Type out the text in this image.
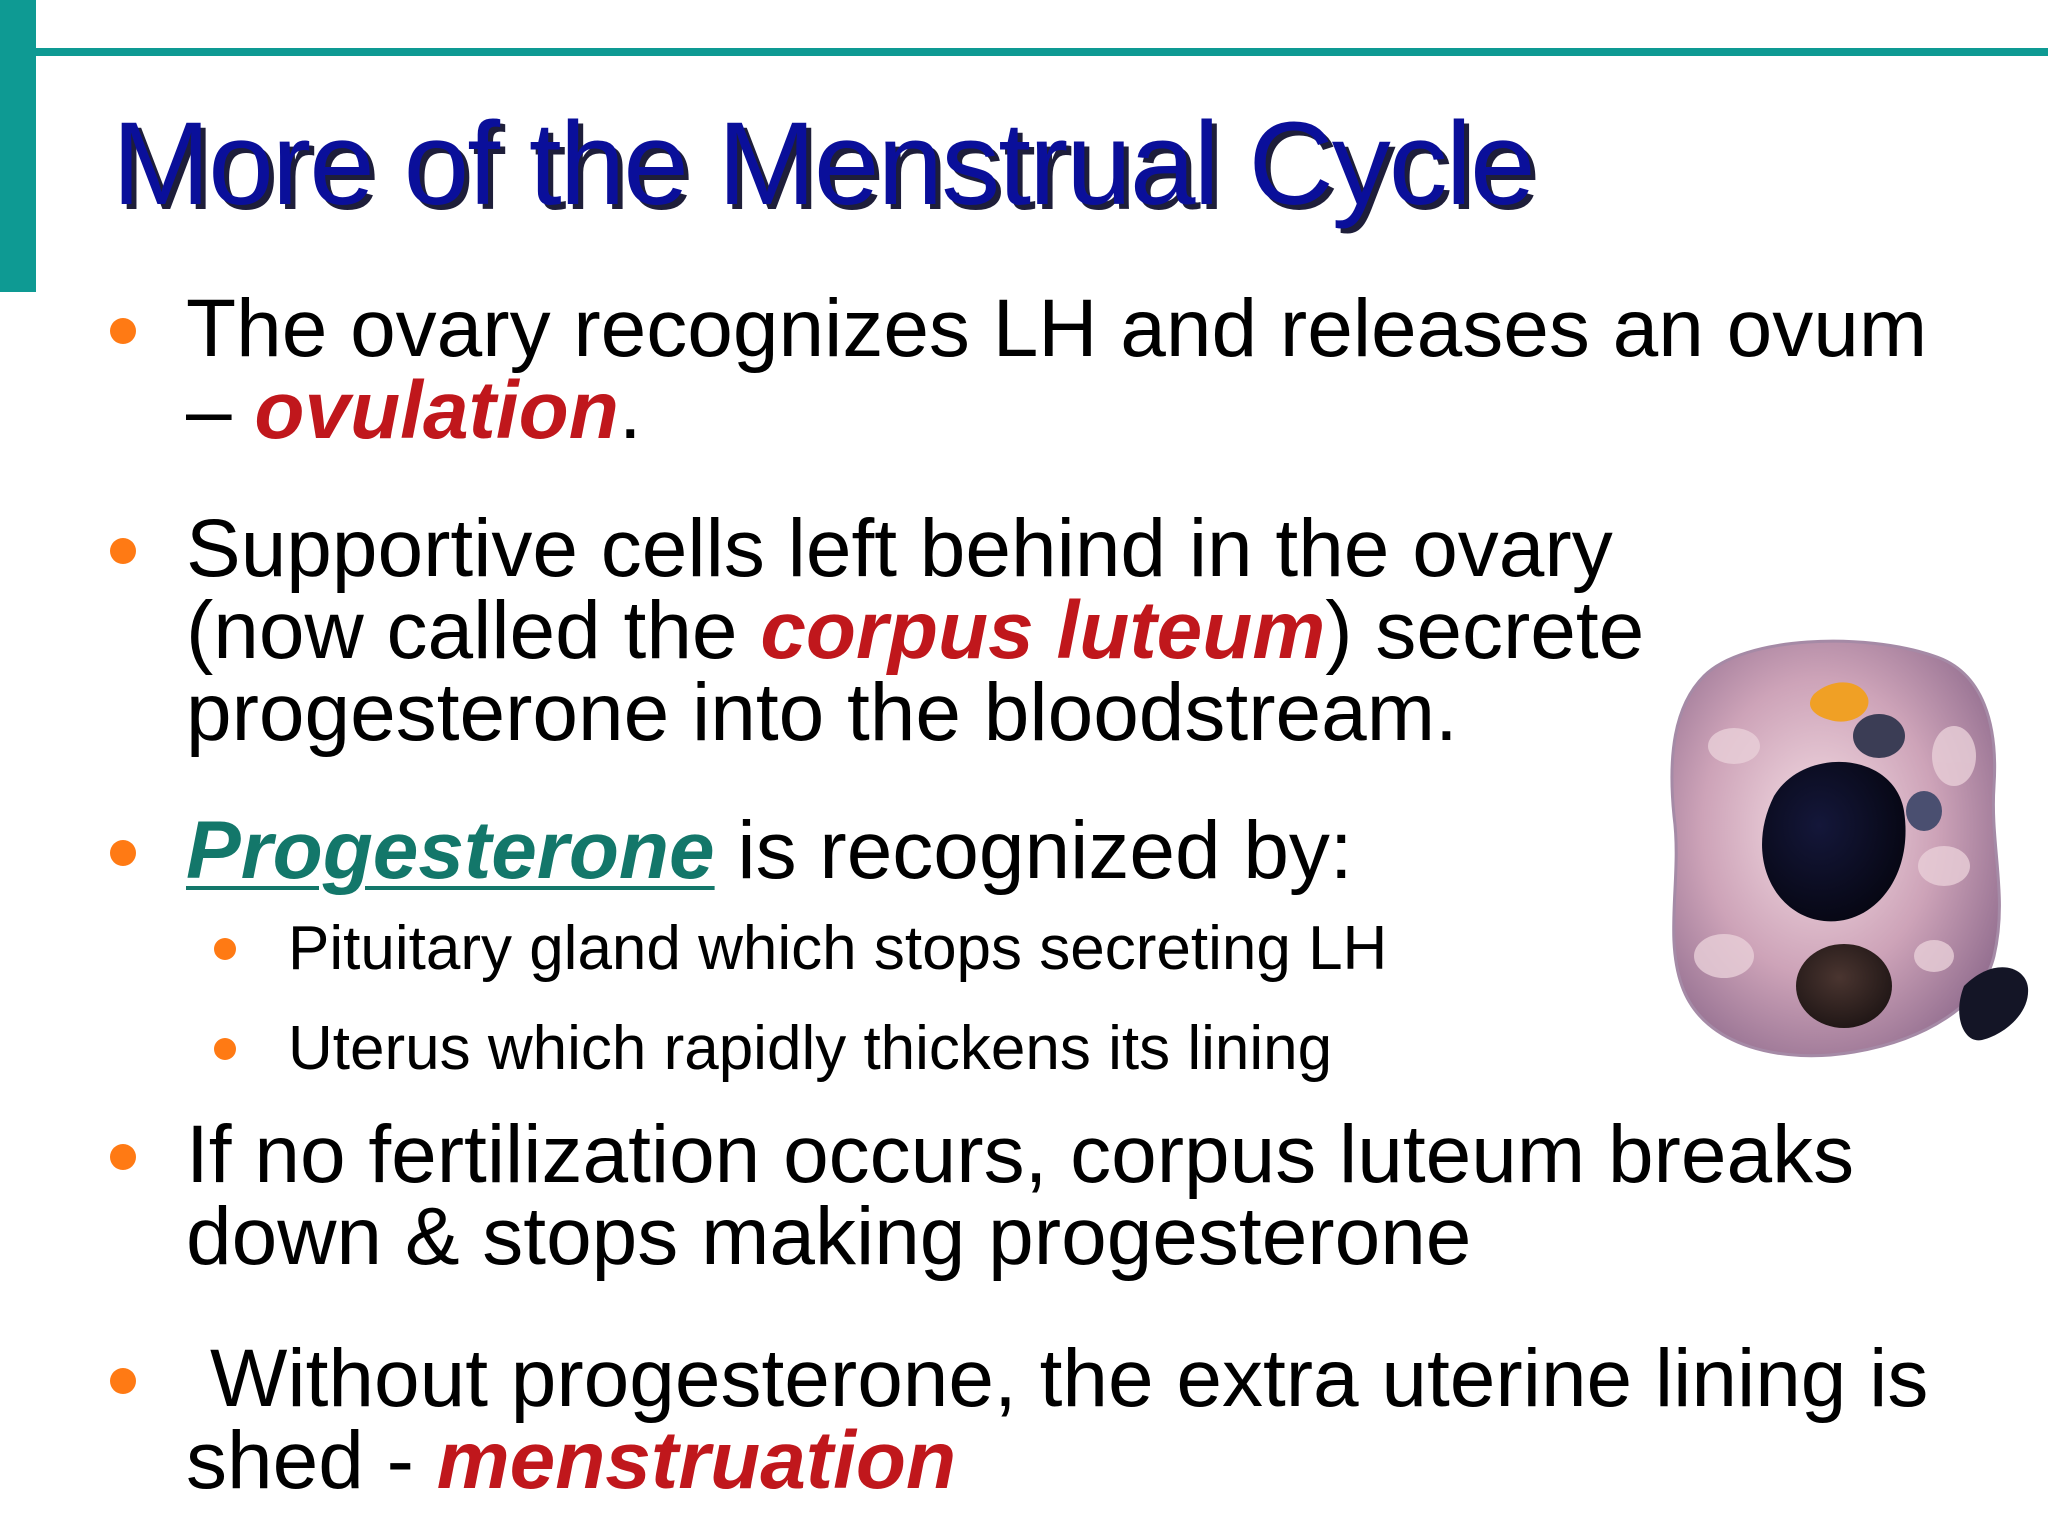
More of the Menstrual Cycle
The ovary recognizes LH and releases an ovum – ovulation.
Supportive cells left behind in the ovary (now called the corpus luteum) secrete progesterone into the bloodstream.
Progesterone is recognized by:
Pituitary gland which stops secreting LH
Uterus which rapidly thickens its lining
If no fertilization occurs, corpus luteum breaks down & stops making progesterone
Without progesterone, the extra uterine lining is shed - menstruation
